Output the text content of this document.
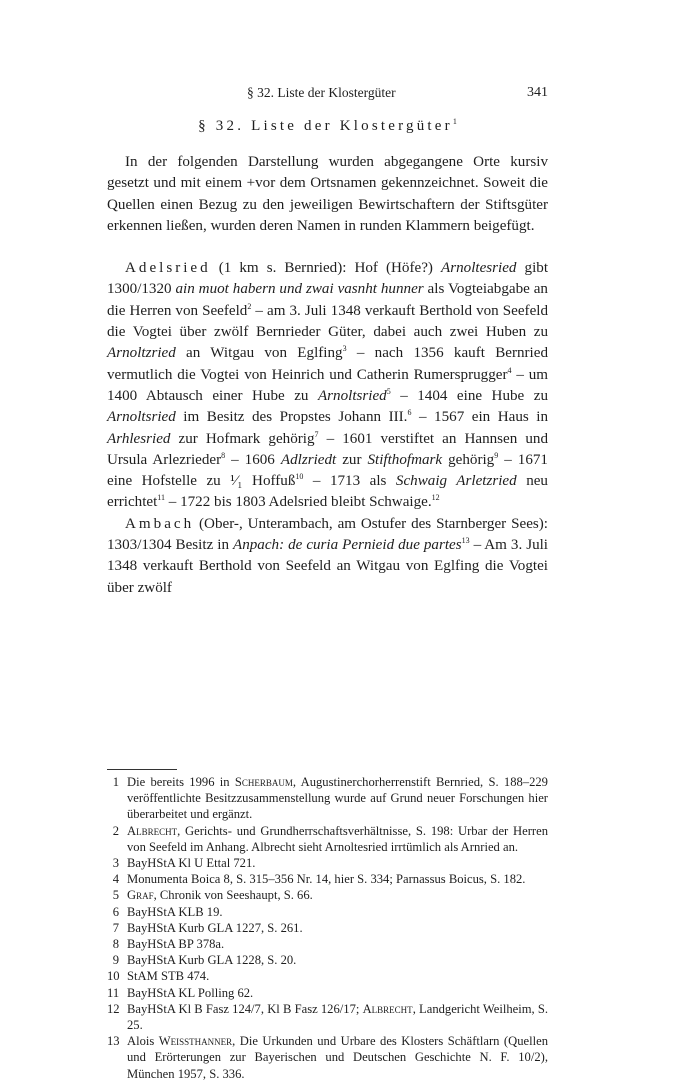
§ 32. Liste der Klostergüter	341
§ 32. Liste der Klostergüter$^1$

In der folgenden Darstellung wurden abgegangene Orte kursiv gesetzt und mit einem +vor dem Ortsnamen gekennzeichnet. Soweit die Quellen einen Bezug zu den jeweiligen Bewirtschaftern der Stiftsgüter erkennen ließen, wurden deren Namen in runden Klammern beigefügt.

Adelsried (1 km s. Bernried): Hof (Höfe?) Arnoltesried gibt 1300/1320 ain muot habern und zwai vasnht hunner als Vogteiabgabe an die Herren von Seefeld$^2$ – am 3. Juli 1348 verkauft Berthold von Seefeld die Vogtei über zwölf Bernrieder Güter, dabei auch zwei Huben zu Arnoltzried an Witgau von Eglfing$^3$ – nach 1356 kauft Bernried vermutlich die Vogtei von Heinrich und Catherin Rumersprugger$^4$ – um 1400 Abtausch einer Hube zu Arnoltsried$^5$ – 1404 eine Hube zu Arnoltsried im Besitz des Propstes Johann III.$^6$ – 1567 ein Haus in Arhlesried zur Hofmark gehörig$^7$ – 1601 verstiftet an Hannsen und Ursula Arlezrieder$^8$ – 1606 Adlzriedt zur Stifthofmark gehörig$^9$ – 1671 eine Hofstelle zu ¹⁄₁ Hoffuß$^{10}$ – 1713 als Schwaig Arletzried neu errichtet$^{11}$ – 1722 bis 1803 Adelsried bleibt Schwaige.$^{12}$

Ambach (Ober-, Unterambach, am Ostufer des Starnberger Sees): 1303/1304 Besitz in Anpach: de curia Pernieid due partes$^{13}$ – Am 3. Juli 1348 verkauft Berthold von Seefeld an Witgau von Eglfing die Vogtei über zwölf

1 Die bereits 1996 in Scherbaum, Augustinerchorherrenstift Bernried, S. 188–229 veröffentlichte Besitzzusammenstellung wurde auf Grund neuer Forschungen hier überarbeitet und ergänzt.
2 Albrecht, Gerichts- und Grundherrschaftsverhältnisse, S. 198: Urbar der Herren von Seefeld im Anhang. Albrecht sieht Arnoltesried irrtümlich als Arnried an.
3 BayHStA Kl U Ettal 721.
4 Monumenta Boica 8, S. 315–356 Nr. 14, hier S. 334; Parnassus Boicus, S. 182.
5 Graf, Chronik von Seeshaupt, S. 66.
6 BayHStA KLB 19.
7 BayHStA Kurb GLA 1227, S. 261.
8 BayHStA BP 378a.
9 BayHStA Kurb GLA 1228, S. 20.
10 StAM STB 474.
11 BayHStA KL Polling 62.
12 BayHStA Kl B Fasz 124/7, Kl B Fasz 126/17; Albrecht, Landgericht Weilheim, S. 25.
13 Alois Weissthanner, Die Urkunden und Urbare des Klosters Schäftlarn (Quellen und Erörterungen zur Bayerischen und Deutschen Geschichte N. F. 10/2), München 1957, S. 336.
